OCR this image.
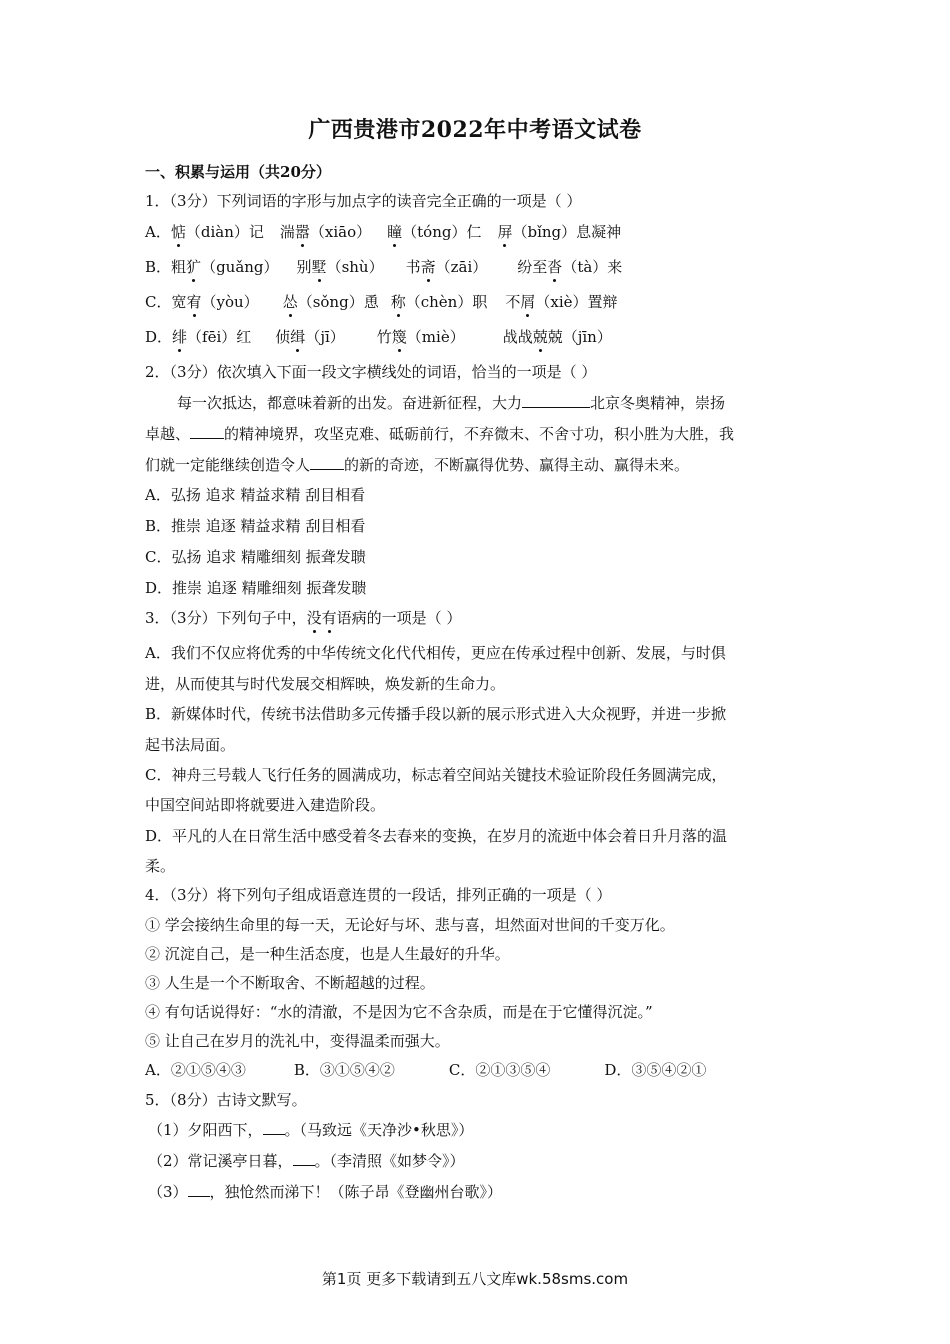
广西贵港市2022年中考语文试卷
一、积累与运用（共20分）
1．（3分）下列词语的字形与加点字的读音完全正确的一项是（ ）
A．惦（diàn）记 湍嚣（xiāo） 瞳（tóng）仁 屏（bǐng）息凝神
B．粗犷（guǎng） 别墅（shù） 书斋（zāi） 纷至沓（tà）来
C．宽宥（yòu） 怂（sǒng）恿 称（chèn）职 不屑（xiè）置辩
D．绯（fēi）红 侦缉（jī） 竹篾（miè）	战战兢兢（jīn）
2．（3分）依次填入下面一段文字横线处的词语，恰当的一项是（ ）
每一次抵达，都意味着新的出发。奋进新征程，大力	北京冬奥精神，崇扬
卓越、 的精神境界，攻坚克难、砥砺前行，不弃微末、不舍寸功，积小胜为大胜，我
们就一定能继续创造令人 的新的奇迹，不断赢得优势、赢得主动、赢得未来。
A．弘扬 追求 精益求精 刮目相看
B．推崇 追逐 精益求精 刮目相看
C．弘扬 追求 精雕细刻 振聋发聩
D．推崇 追逐 精雕细刻 振聋发聩
3．（3分）下列句子中，没有语病的一项是（ ）
A．我们不仅应将优秀的中华传统文化代代相传，更应在传承过程中创新、发展，与时俱
进，从而使其与时代发展交相辉映，焕发新的生命力。
B．新媒体时代，传统书法借助多元传播手段以新的展示形式进入大众视野，并进一步掀
起书法局面。
C．神舟三号载人飞行任务的圆满成功，标志着空间站关键技术验证阶段任务圆满完成，
中国空间站即将就要进入建造阶段。
D．平凡的人在日常生活中感受着冬去春来的变换，在岁月的流逝中体会着日升月落的温
柔。
4．（3分）将下列句子组成语意连贯的一段话，排列正确的一项是（ ）
① 学会接纳生命里的每一天，无论好与坏、悲与喜，坦然面对世间的千变万化。
② 沉淀自己，是一种生活态度，也是人生最好的升华。
③ 人生是一个不断取舍、不断超越的过程。
④ 有句话说得好：“水的清澈，不是因为它不含杂质，而是在于它懂得沉淀。”
⑤ 让自己在岁月的洗礼中，变得温柔而强大。
A．②①⑤④③	B．③①⑤④②	C．②①③⑤④	D．③⑤④②①
5．（8分）古诗文默写。
（1）夕阳西下， 。（马致远《天净沙•秋思》）
（2）常记溪亭日暮， 。（李清照《如梦令》）
（3） ，独怆然而涕下！（陈子昂《登幽州台歌》）
第1页 更多下载请到五八文库wk.58sms.com
